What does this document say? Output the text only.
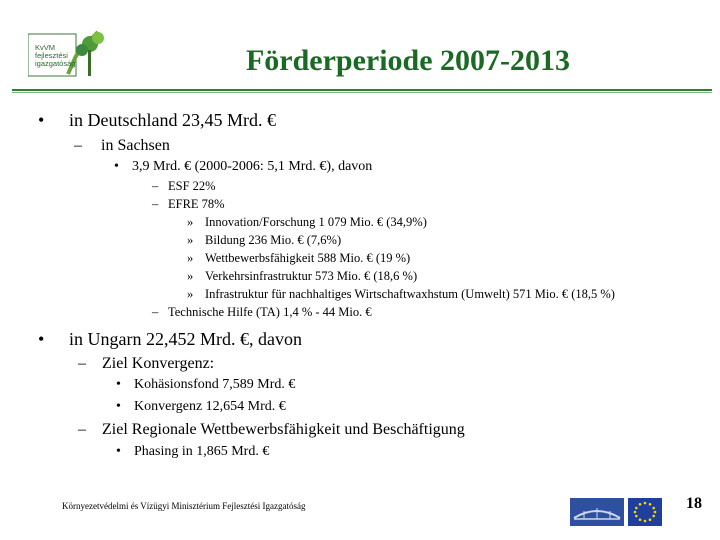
KvVM
fejlesztési
igazgatóság	Förderperiode 2007-2013
• in Deutschland 23,45 Mrd. €
– in Sachsen
• 3,9 Mrd. € (2000-2006: 5,1 Mrd. €), davon
– ESF 22%
– EFRE 78%
» Innovation/Forschung 1 079 Mio. € (34,9%)
» Bildung 236 Mio. € (7,6%)
» Wettbewerbsfähigkeit 588 Mio. € (19 %)
» Verkehrsinfrastruktur 573 Mio. € (18,6 %)
» Infrastruktur für nachhaltiges Wirtschaftwaxhstum (Umwelt) 571 Mio. € (18,5 %)
– Technische Hilfe (TA) 1,4 % - 44 Mio. €
• in Ungarn 22,452 Mrd. €, davon
– Ziel Konvergenz:
• Kohäsionsfond 7,589 Mrd. €
• Konvergenz 12,654 Mrd. €
– Ziel Regionale Wettbewerbsfähigkeit und Beschäftigung
• Phasing in 1,865 Mrd. €
Környezetvédelmi és Vízügyi Minisztérium Fejlesztési Igazgatóság	18
